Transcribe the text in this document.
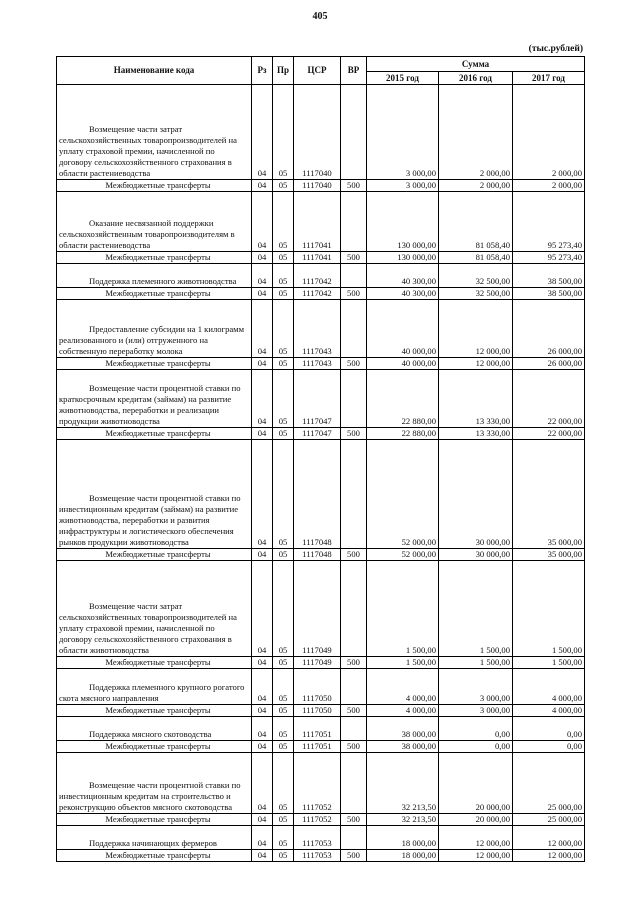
405
(тыс.рублей)
Наименование кода	Рз	Пр	ЦСР	ВР	Сумма		
					2015 год	2016 год	2017 год
Возмещение части затрат сельскохозяйственных товаропроизводителей на уплату страховой премии, начисленной по договору сельскохозяйственного страхования в области растениеводства	04	05	1117040		3 000,00	2 000,00	2 000,00
Межбюджетные трансферты	04	05	1117040	500	3 000,00	2 000,00	2 000,00
Оказание несвязанной поддержки сельскохозяйственным товаропроизводителям в области растениеводства	04	05	1117041		130 000,00	81 058,40	95 273,40
Межбюджетные трансферты	04	05	1117041	500	130 000,00	81 058,40	95 273,40
Поддержка племенного животноводства	04	05	1117042		40 300,00	32 500,00	38 500,00
Межбюджетные трансферты	04	05	1117042	500	40 300,00	32 500,00	38 500,00
Предоставление субсидии на 1 килограмм реализованного и (или) отгруженного на собственную переработку молока	04	05	1117043		40 000,00	12 000,00	26 000,00
Межбюджетные трансферты	04	05	1117043	500	40 000,00	12 000,00	26 000,00
Возмещение части процентной ставки по краткосрочным кредитам (займам) на развитие животноводства, переработки и реализации продукции животноводства	04	05	1117047		22 880,00	13 330,00	22 000,00
Межбюджетные трансферты	04	05	1117047	500	22 880,00	13 330,00	22 000,00
Возмещение части процентной ставки по инвестиционным кредитам (займам) на развитие животноводства, переработки и развития инфраструктуры и логистического обеспечения рынков продукции животноводства	04	05	1117048		52 000,00	30 000,00	35 000,00
Межбюджетные трансферты	04	05	1117048	500	52 000,00	30 000,00	35 000,00
Возмещение части затрат сельскохозяйственных товаропроизводителей на уплату страховой премии, начисленной по договору сельскохозяйственного страхования в области животноводства	04	05	1117049		1 500,00	1 500,00	1 500,00
Межбюджетные трансферты	04	05	1117049	500	1 500,00	1 500,00	1 500,00
Поддержка племенного крупного рогатого скота мясного направления	04	05	1117050		4 000,00	3 000,00	4 000,00
Межбюджетные трансферты	04	05	1117050	500	4 000,00	3 000,00	4 000,00
Поддержка мясного скотоводства	04	05	1117051		38 000,00	0,00	0,00
Межбюджетные трансферты	04	05	1117051	500	38 000,00	0,00	0,00
Возмещение части процентной ставки по инвестиционным кредитам на строительство и реконструкцию объектов мясного скотоводства	04	05	1117052		32 213,50	20 000,00	25 000,00
Межбюджетные трансферты	04	05	1117052	500	32 213,50	20 000,00	25 000,00
Поддержка начинающих фермеров	04	05	1117053		18 000,00	12 000,00	12 000,00
Межбюджетные трансферты	04	05	1117053	500	18 000,00	12 000,00	12 000,00
